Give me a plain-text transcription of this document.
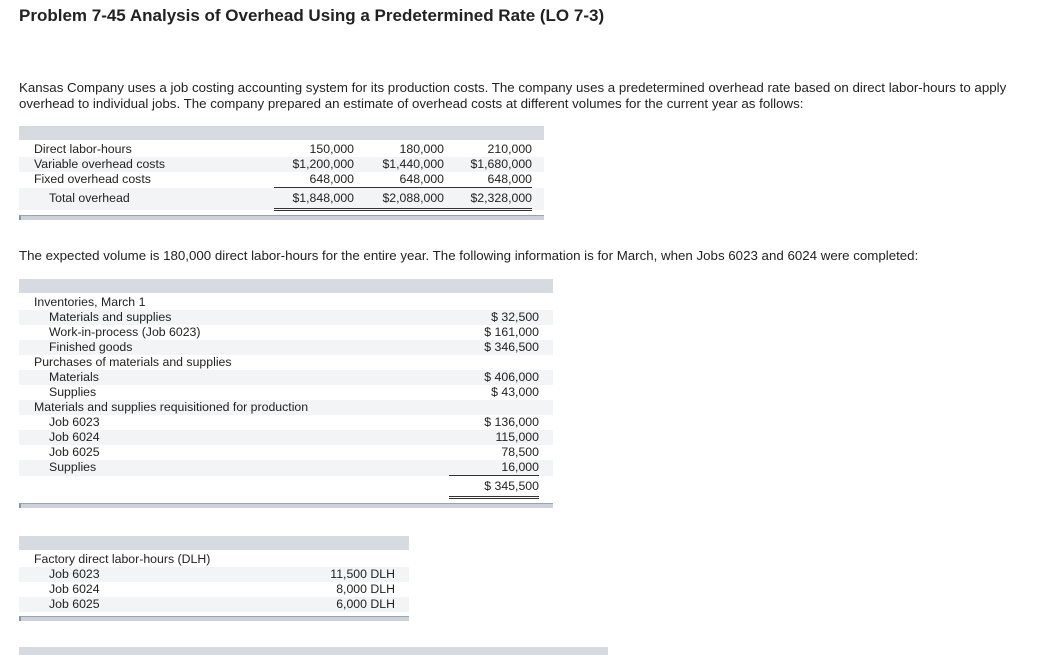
Problem 7-45 Analysis of Overhead Using a Predetermined Rate (LO 7-3)
Kansas Company uses a job costing accounting system for its production costs. The company uses a predetermined overhead rate based on direct labor-hours to apply overhead to individual jobs. The company prepared an estimate of overhead costs at different volumes for the current year as follows:
Direct labor-hours	150,000	180,000	210,000	
Variable overhead costs	$1,200,000	$1,440,000	$1,680,000	
Fixed overhead costs	648,000	648,000	648,000	
Total overhead	$1,848,000	$2,088,000	$2,328,000	
The expected volume is 180,000 direct labor-hours for the entire year. The following information is for March, when Jobs 6023 and 6024 were completed:
Inventories, March 1		
Materials and supplies	$ 32,500	
Work-in-process (Job 6023)	$ 161,000	
Finished goods	$ 346,500	
Purchases of materials and supplies		
Materials	$ 406,000	
Supplies	$ 43,000	
Materials and supplies requisitioned for production		
Job 6023	$ 136,000	
Job 6024	115,000	
Job 6025	78,500	
Supplies	16,000	
	$ 345,500	
Factory direct labor-hours (DLH)		
Job 6023	11,500 DLH	
Job 6024	8,000 DLH	
Job 6025	6,000 DLH	
